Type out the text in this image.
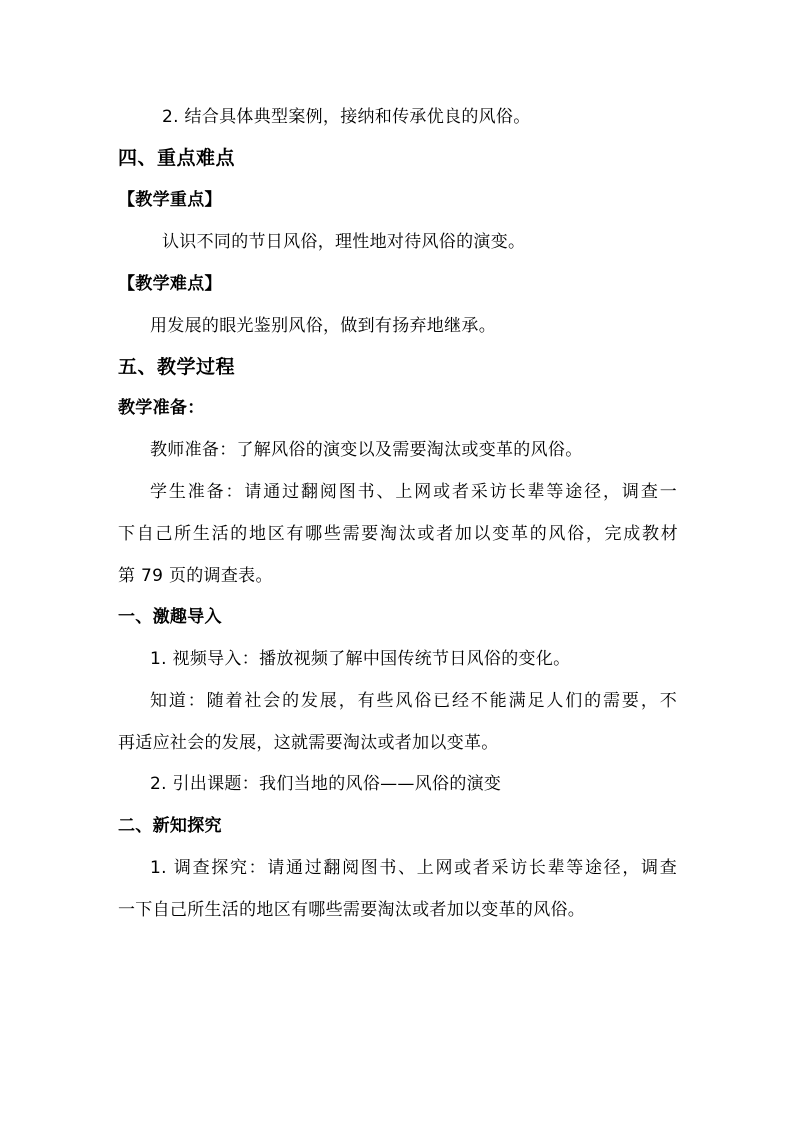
2. 结合具体典型案例，接纳和传承优良的风俗。
四、重点难点
【教学重点】
认识不同的节日风俗，理性地对待风俗的演变。
【教学难点】
用发展的眼光鉴别风俗，做到有扬弃地继承。
五、教学过程
教学准备：
教师准备：了解风俗的演变以及需要淘汰或变革的风俗。
学生准备：请通过翻阅图书、上网或者采访长辈等途径，调查一
下自己所生活的地区有哪些需要淘汰或者加以变革的风俗，完成教材
第 79 页的调查表。
一、激趣导入
1. 视频导入：播放视频了解中国传统节日风俗的变化。
知道：随着社会的发展，有些风俗已经不能满足人们的需要，不
再适应社会的发展，这就需要淘汰或者加以变革。
2. 引出课题：我们当地的风俗——风俗的演变
二、新知探究
1. 调查探究：请通过翻阅图书、上网或者采访长辈等途径，调查
一下自己所生活的地区有哪些需要淘汰或者加以变革的风俗。
